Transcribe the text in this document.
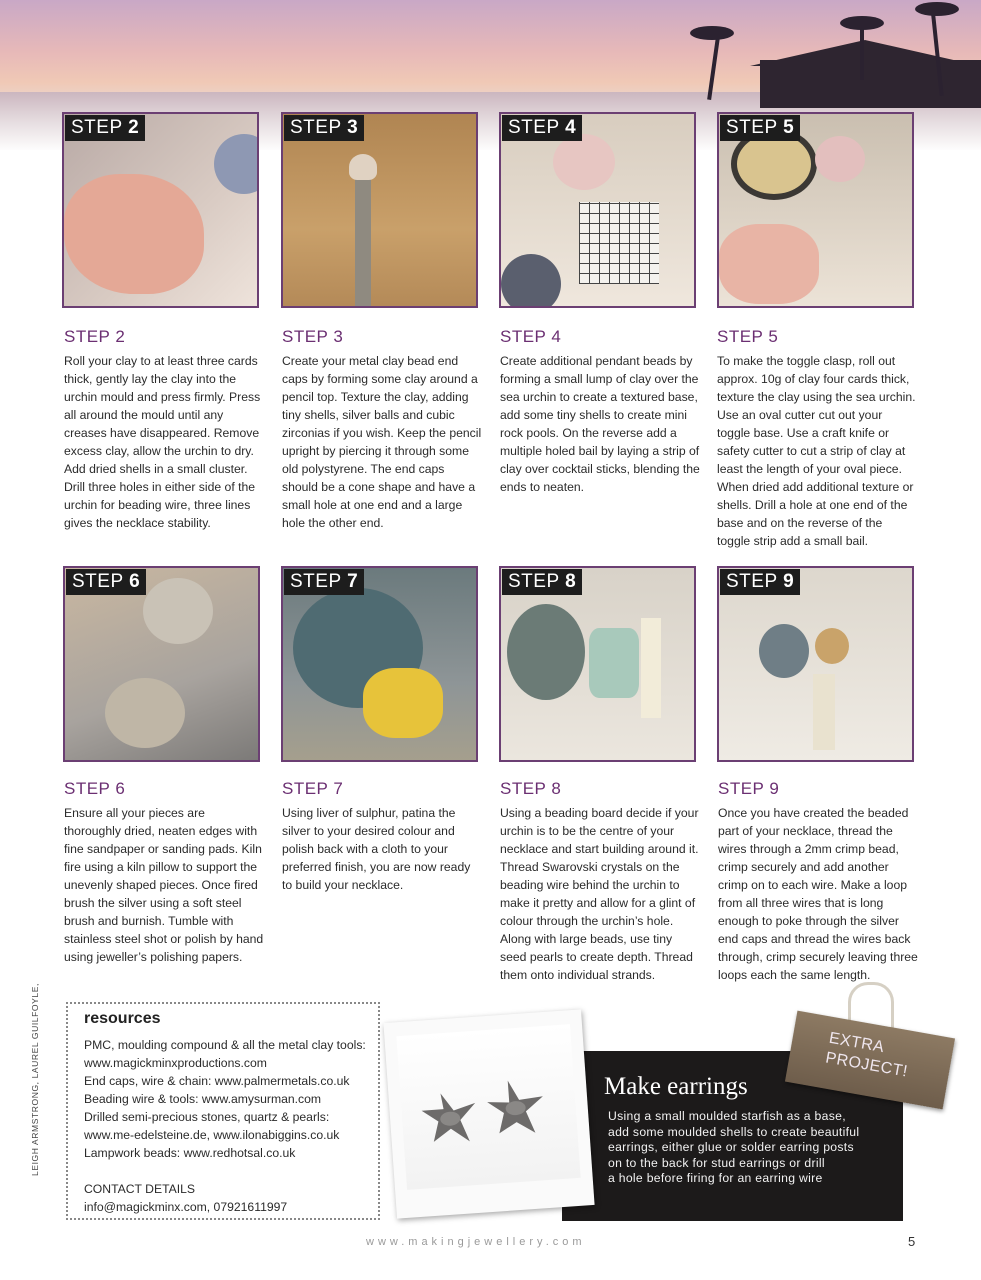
STEP 2	STEP 3	STEP 4	STEP 5
STEP 2

Roll your clay to at least three cards thick, gently lay the clay into the urchin mould and press firmly. Press all around the mould until any creases have disappeared. Remove excess clay, allow the urchin to dry. Add dried shells in a small cluster. Drill three holes in either side of the urchin for beading wire, three lines gives the necklace stability.

STEP 3

Create your metal clay bead end caps by forming some clay around a pencil top. Texture the clay, adding tiny shells, silver balls and cubic zirconias if you wish. Keep the pencil upright by piercing it through some old polystyrene. The end caps should be a cone shape and have a small hole at one end and a large hole the other end.

STEP 4

Create additional pendant beads by forming a small lump of clay over the sea urchin to create a textured base, add some tiny shells to create mini rock pools. On the reverse add a multiple holed bail by laying a strip of clay over cocktail sticks, blending the ends to neaten.

STEP 5

To make the toggle clasp, roll out approx. 10g of clay four cards thick, texture the clay using the sea urchin. Use an oval cutter cut out your toggle base. Use a craft knife or safety cutter to cut a strip of clay at least the length of your oval piece. When dried add additional texture or shells. Drill a hole at one end of the base and on the reverse of the toggle strip add a small bail.

STEP 6	STEP 7	STEP 8	STEP 9
STEP 6

Ensure all your pieces are thoroughly dried, neaten edges with fine sandpaper or sanding pads. Kiln fire using a kiln pillow to support the unevenly shaped pieces. Once fired brush the silver using a soft steel brush and burnish. Tumble with stainless steel shot or polish by hand using jeweller’s polishing papers.

STEP 7

Using liver of sulphur, patina the silver to your desired colour and polish back with a cloth to your preferred finish, you are now ready to build your necklace.

STEP 8

Using a beading board decide if your urchin is to be the centre of your necklace and start building around it. Thread Swarovski crystals on the beading wire behind the urchin to make it pretty and allow for a glint of colour through the urchin’s hole. Along with large beads, use tiny seed pearls to create depth. Thread them onto individual strands.

STEP 9

Once you have created the beaded part of your necklace, thread the wires through a 2mm crimp bead, crimp securely and add another crimp on to each wire. Make a loop from all three wires that is long enough to poke through the silver end caps and thread the wires back through, crimp securely leaving three loops each the same length.

LEIGH ARMSTRONG, LAUREL GUILFOYLE,	resources
PMC, moulding compound & all the metal clay tools:
www.magickminxproductions.com
End caps, wire & chain: www.palmermetals.co.uk
Beading wire & tools: www.amysurman.com
Drilled semi-precious stones, quartz & pearls:
www.me-edelsteine.de, www.ilonabiggins.co.uk
Lampwork beads: www.redhotsal.co.uk
CONTACT DETAILS
info@magickminx.com, 07921611997
Make earrings
Using a small moulded starfish as a base,
add some moulded shells to create beautiful
earrings, either glue or solder earring posts
on to the back for stud earrings or drill
a hole before firing for an earring wire
EXTRA
PROJECT!
www.makingjewellery.com	5
